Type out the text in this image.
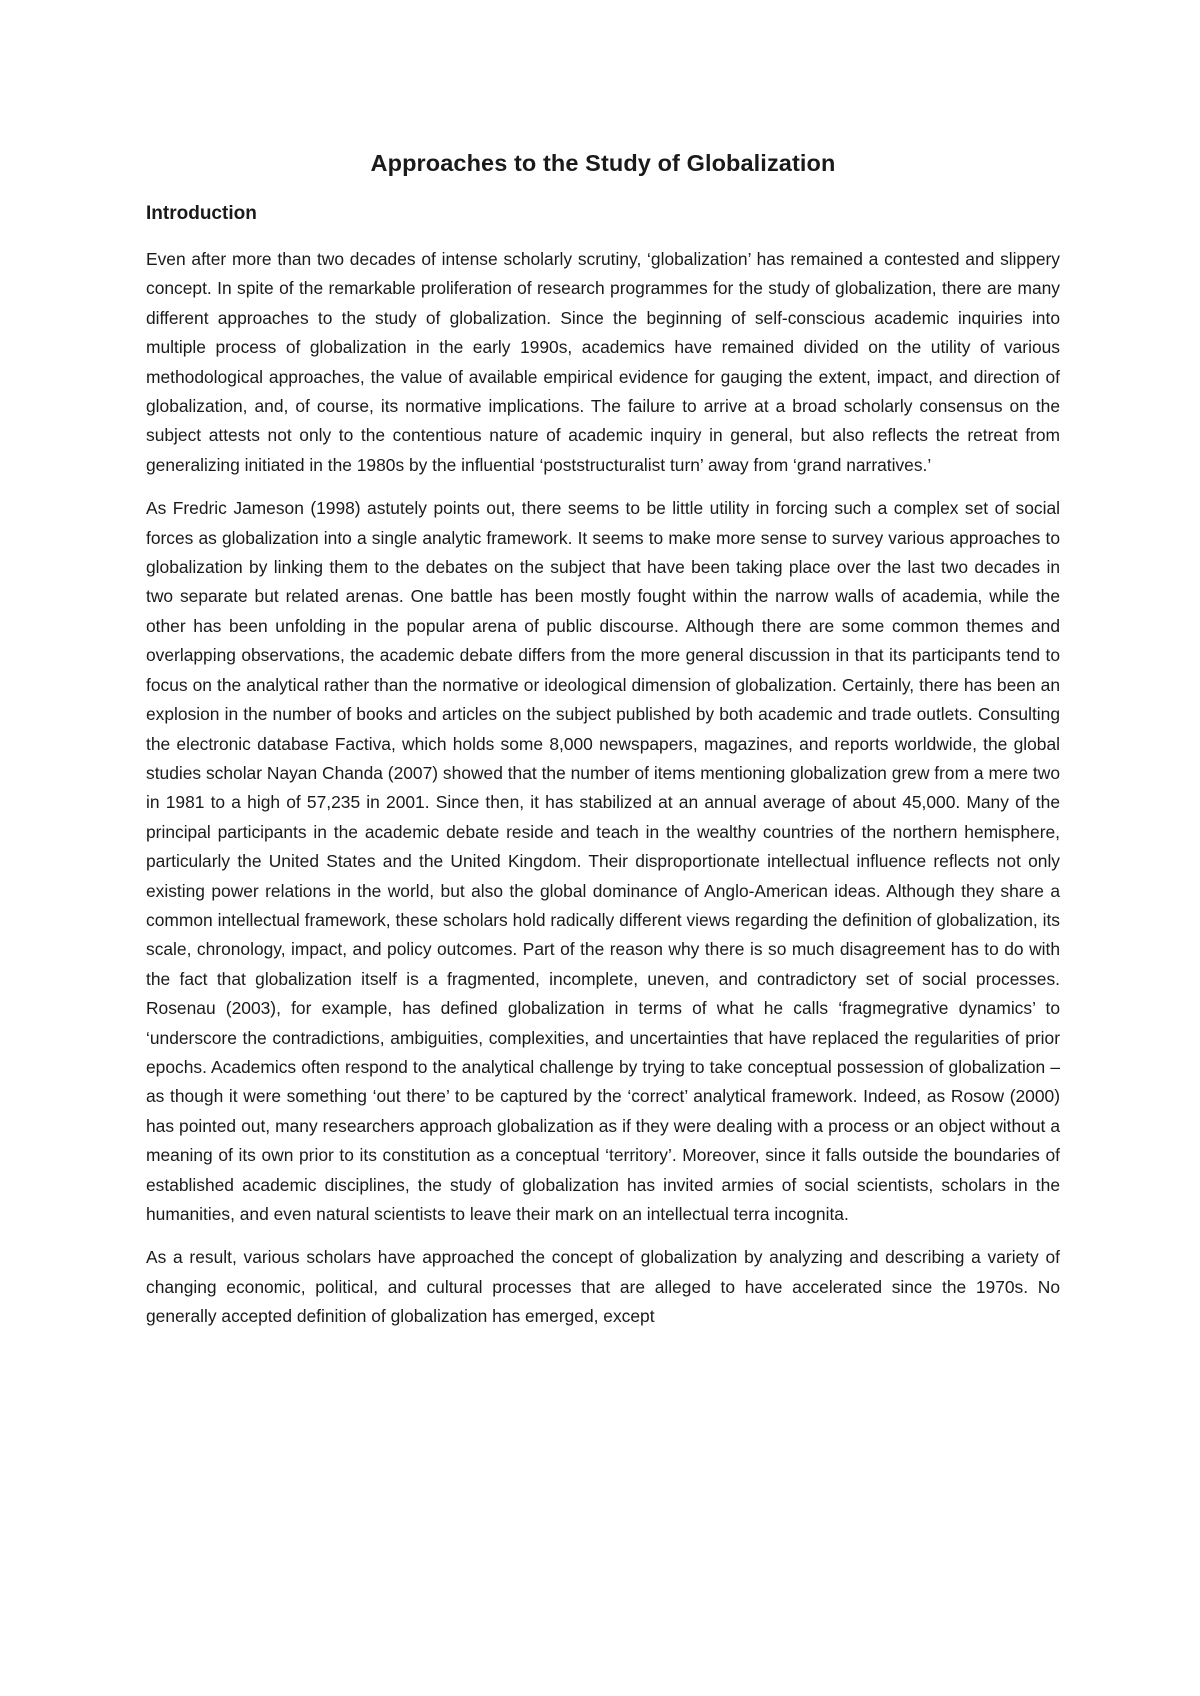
Approaches to the Study of Globalization
Introduction

Even after more than two decades of intense scholarly scrutiny, ‘globalization’ has remained a contested and slippery concept. In spite of the remarkable proliferation of research programmes for the study of globalization, there are many different approaches to the study of globalization. Since the beginning of self-conscious academic inquiries into multiple process of globalization in the early 1990s, academics have remained divided on the utility of various methodological approaches, the value of available empirical evidence for gauging the extent, impact, and direction of globalization, and, of course, its normative implications. The failure to arrive at a broad scholarly consensus on the subject attests not only to the contentious nature of academic inquiry in general, but also reflects the retreat from generalizing initiated in the 1980s by the influential ‘poststructuralist turn’ away from ‘grand narratives.’

As Fredric Jameson (1998) astutely points out, there seems to be little utility in forcing such a complex set of social forces as globalization into a single analytic framework. It seems to make more sense to survey various approaches to globalization by linking them to the debates on the subject that have been taking place over the last two decades in two separate but related arenas. One battle has been mostly fought within the narrow walls of academia, while the other has been unfolding in the popular arena of public discourse. Although there are some common themes and overlapping observations, the academic debate differs from the more general discussion in that its participants tend to focus on the analytical rather than the normative or ideological dimension of globalization. Certainly, there has been an explosion in the number of books and articles on the subject published by both academic and trade outlets. Consulting the electronic database Factiva, which holds some 8,000 newspapers, magazines, and reports worldwide, the global studies scholar Nayan Chanda (2007) showed that the number of items mentioning globalization grew from a mere two in 1981 to a high of 57,235 in 2001. Since then, it has stabilized at an annual average of about 45,000. Many of the principal participants in the academic debate reside and teach in the wealthy countries of the northern hemisphere, particularly the United States and the United Kingdom. Their disproportionate intellectual influence reflects not only existing power relations in the world, but also the global dominance of Anglo-American ideas. Although they share a common intellectual framework, these scholars hold radically different views regarding the definition of globalization, its scale, chronology, impact, and policy outcomes. Part of the reason why there is so much disagreement has to do with the fact that globalization itself is a fragmented, incomplete, uneven, and contradictory set of social processes. Rosenau (2003), for example, has defined globalization in terms of what he calls ‘fragmegrative dynamics’ to ‘underscore the contradictions, ambiguities, complexities, and uncertainties that have replaced the regularities of prior epochs. Academics often respond to the analytical challenge by trying to take conceptual possession of globalization – as though it were something ‘out there’ to be captured by the ‘correct’ analytical framework. Indeed, as Rosow (2000) has pointed out, many researchers approach globalization as if they were dealing with a process or an object without a meaning of its own prior to its constitution as a conceptual ‘territory’. Moreover, since it falls outside the boundaries of established academic disciplines, the study of globalization has invited armies of social scientists, scholars in the humanities, and even natural scientists to leave their mark on an intellectual terra incognita.

As a result, various scholars have approached the concept of globalization by analyzing and describing a variety of changing economic, political, and cultural processes that are alleged to have accelerated since the 1970s. No generally accepted definition of globalization has emerged, except
